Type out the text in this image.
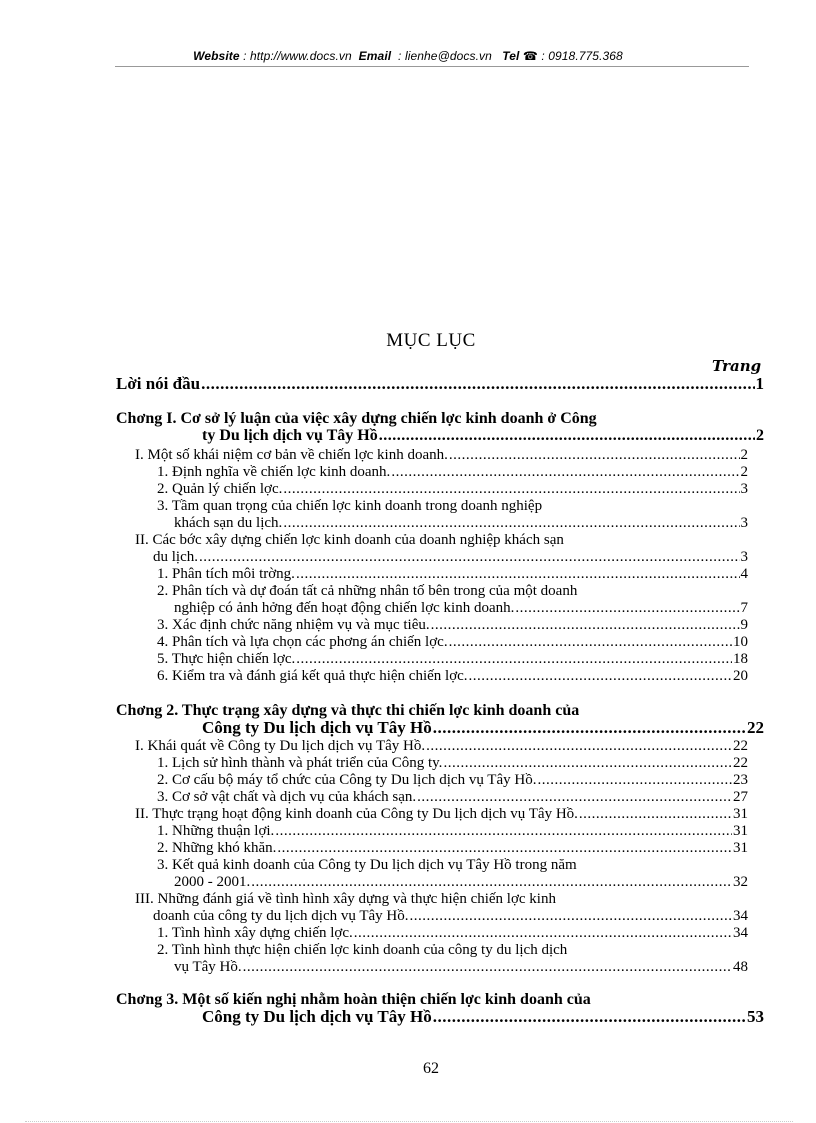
Website : http://www.docs.vn Email  : lienhe@docs.vn Tel ☎ : 0918.775.368
MỤC LỤC
Trang
Lời nói đầu .....	1
Chơng I. Cơ sở lý luận của việc xây dựng chiến lợc kinh doanh ở Công
ty Du lịch dịch vụ Tây Hồ .....	2
I. Một số khái niệm cơ bản về chiến lợc kinh doanh. .....	2
1. Định nghĩa về chiến lợc kinh doanh. .....	2
2. Quản lý chiến lợc. .....	3
3. Tầm quan trọng của chiến lợc kinh doanh trong doanh nghiệp
khách sạn du lịch. .....	3
II. Các bớc xây dựng chiến lợc kinh doanh của doanh nghiệp khách sạn
du lịch. .....	3
1. Phân tích môi trờng. .....	4
2. Phân tích và dự đoán tất cả những nhân tố bên trong của một doanh
nghiệp có ảnh hởng đến hoạt động chiến lợc kinh doanh. .....	7
3. Xác định chức năng nhiệm vụ và mục tiêu. .....	9
4. Phân tích và lựa chọn các phơng án chiến lợc. .....	10
5. Thực hiện chiến lợc. .....	18
6. Kiểm tra và đánh giá kết quả thực hiện chiến lợc. .....	20
Chơng 2. Thực trạng xây dựng và thực thi chiến lợc kinh doanh của
Công ty Du lịch dịch vụ Tây Hồ .....	22
I. Khái quát về Công ty Du lịch dịch vụ Tây Hồ. .....	22
1. Lịch sử hình thành và phát triển của Công ty. .....	22
2. Cơ cấu bộ máy tổ chức của Công ty Du lịch dịch vụ Tây Hồ. .....	23
3. Cơ sở vật chất và dịch vụ của khách sạn. .....	27
II. Thực trạng hoạt động kinh doanh của Công ty Du lịch dịch vụ Tây Hồ. .....	31
1. Những thuận lợi. .....	31
2. Những khó khăn. .....	31
3. Kết quả kinh doanh của Công ty Du lịch dịch vụ Tây Hồ trong năm
2000 - 2001. .....	32
III. Những đánh giá về tình hình xây dựng và thực hiện chiến lợc kinh
doanh của công ty du lịch dịch vụ Tây Hồ. .....	34
1. Tình hình xây dựng chiến lợc. .....	34
2. Tình hình thực hiện chiến lợc kinh doanh của công ty du lịch dịch
vụ Tây Hồ. .....	48
Chơng 3. Một số kiến nghị nhằm hoàn thiện chiến lợc kinh doanh của
Công ty Du lịch dịch vụ Tây Hồ .....	53
62
